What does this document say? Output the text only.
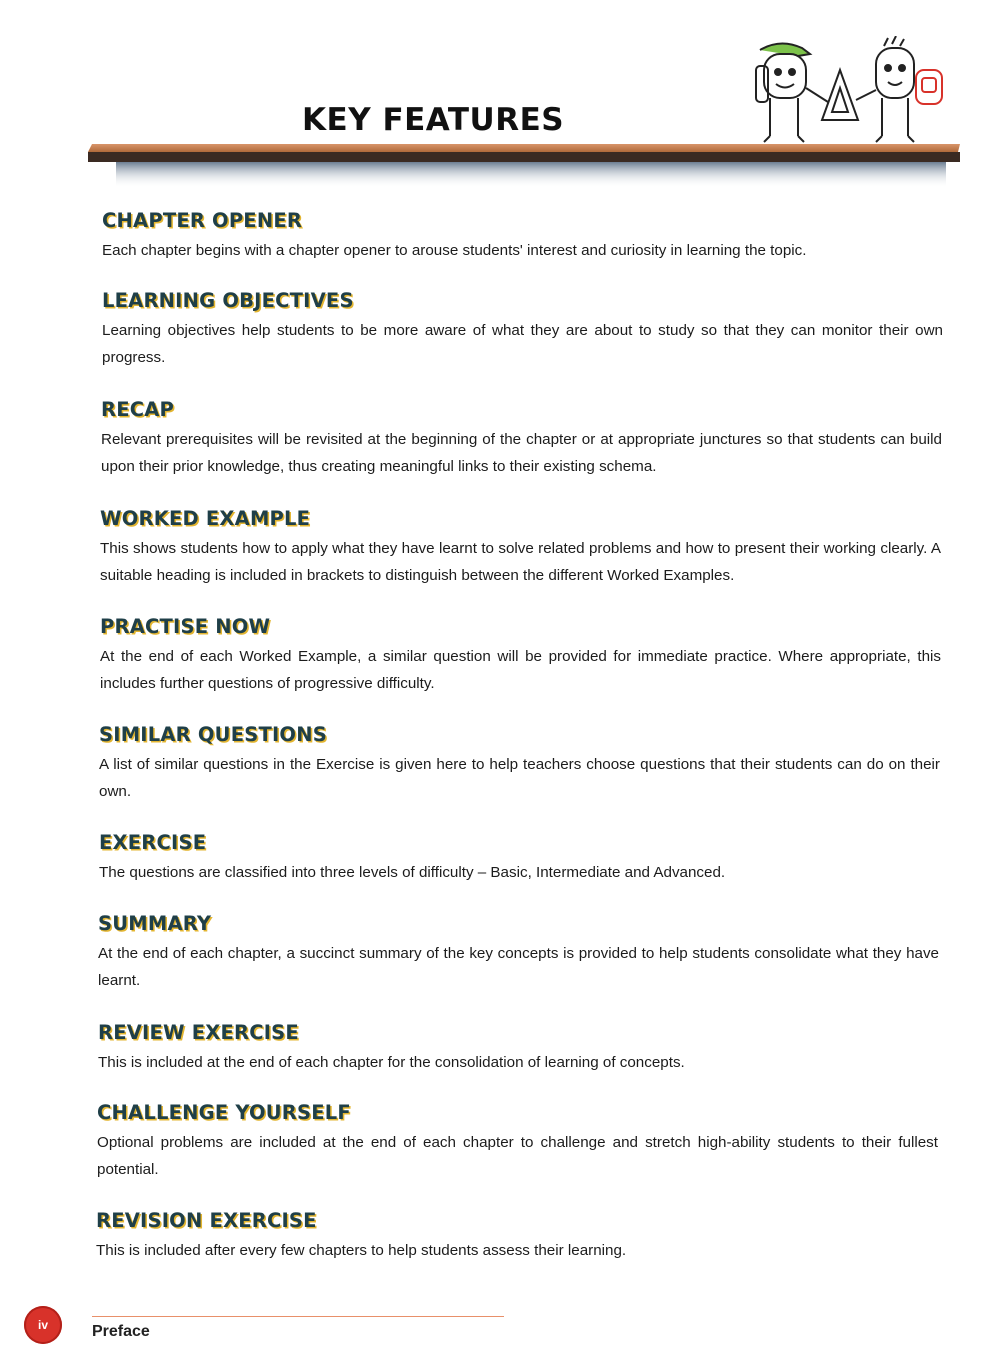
KEY FEATURES
CHAPTER OPENER

Each chapter begins with a chapter opener to arouse students' interest and curiosity in learning the topic.

LEARNING OBJECTIVES

Learning objectives help students to be more aware of what they are about to study so that they can monitor their own progress.

RECAP

Relevant prerequisites will be revisited at the beginning of the chapter or at appropriate junctures so that students can build upon their prior knowledge, thus creating meaningful links to their existing schema.

WORKED EXAMPLE

This shows students how to apply what they have learnt to solve related problems and how to present their working clearly. A suitable heading is included in brackets to distinguish between the different Worked Examples.

PRACTISE NOW

At the end of each Worked Example, a similar question will be provided for immediate practice. Where appropriate, this includes further questions of progressive difficulty.

SIMILAR QUESTIONS

A list of similar questions in the Exercise is given here to help teachers choose questions that their students can do on their own.

EXERCISE

The questions are classified into three levels of difficulty – Basic, Intermediate and Advanced.

SUMMARY

At the end of each chapter, a succinct summary of the key concepts is provided to help students consolidate what they have learnt.

REVIEW EXERCISE

This is included at the end of each chapter for the consolidation of learning of concepts.

CHALLENGE YOURSELF

Optional problems are included at the end of each chapter to challenge and stretch high-ability students to their fullest potential.

REVISION EXERCISE

This is included after every few chapters to help students assess their learning.

iv	Preface
